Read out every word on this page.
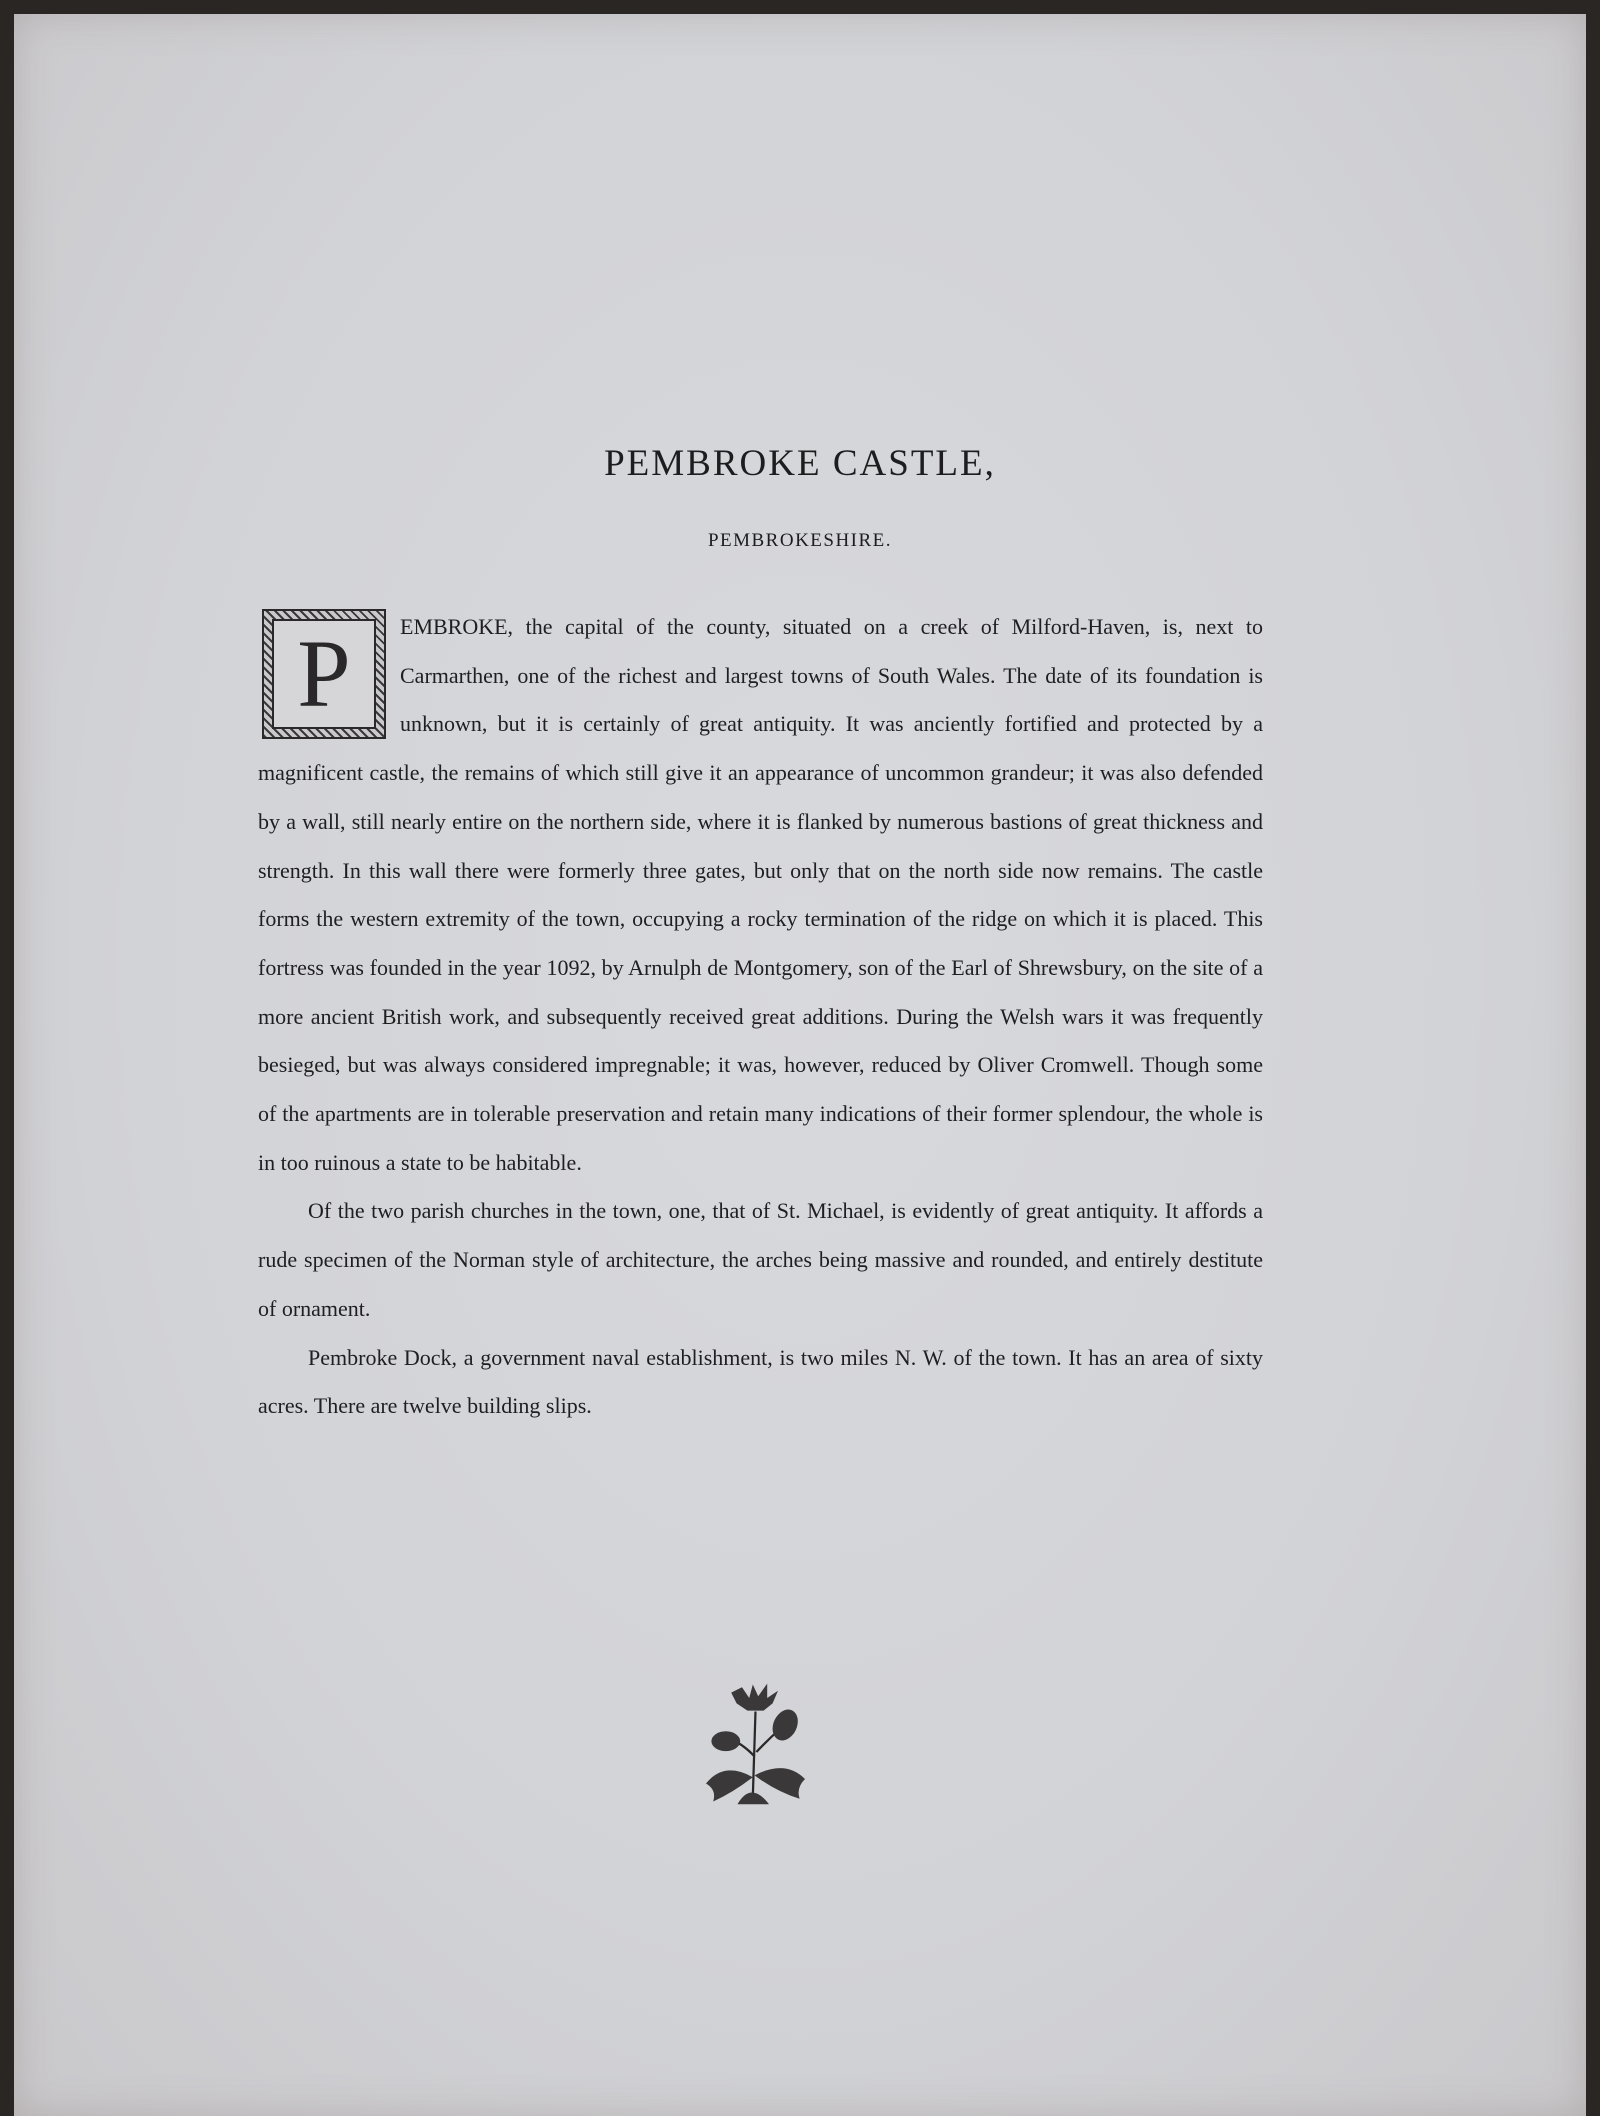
PEMBROKE CASTLE,
PEMBROKESHIRE.

P	EMBROKE, the capital of the county, situated on a creek of Milford-Haven, is, next to Carmarthen, one of the richest and largest towns of South Wales. The date of its foundation is unknown, but it is certainly of great antiquity. It was anciently fortified and protected by a magnificent castle, the remains of which still give it an appearance of uncommon grandeur; it was also defended by a wall, still nearly entire on the northern side, where it is flanked by numerous bastions of great thickness and strength. In this wall there were formerly three gates, but only that on the north side now remains. The castle forms the western extremity of the town, occupying a rocky termination of the ridge on which it is placed. This fortress was founded in the year 1092, by Arnulph de Montgomery, son of the Earl of Shrewsbury, on the site of a more ancient British work, and subsequently received great additions. During the Welsh wars it was frequently besieged, but was always considered impregnable; it was, however, reduced by Oliver Cromwell. Though some of the apartments are in tolerable preservation and retain many indications of their former splendour, the whole is in too ruinous a state to be habitable.

Of the two parish churches in the town, one, that of St. Michael, is evidently of great antiquity. It affords a rude specimen of the Norman style of architecture, the arches being massive and rounded, and entirely destitute of ornament.

Pembroke Dock, a government naval establishment, is two miles N. W. of the town. It has an area of sixty acres. There are twelve building slips.
